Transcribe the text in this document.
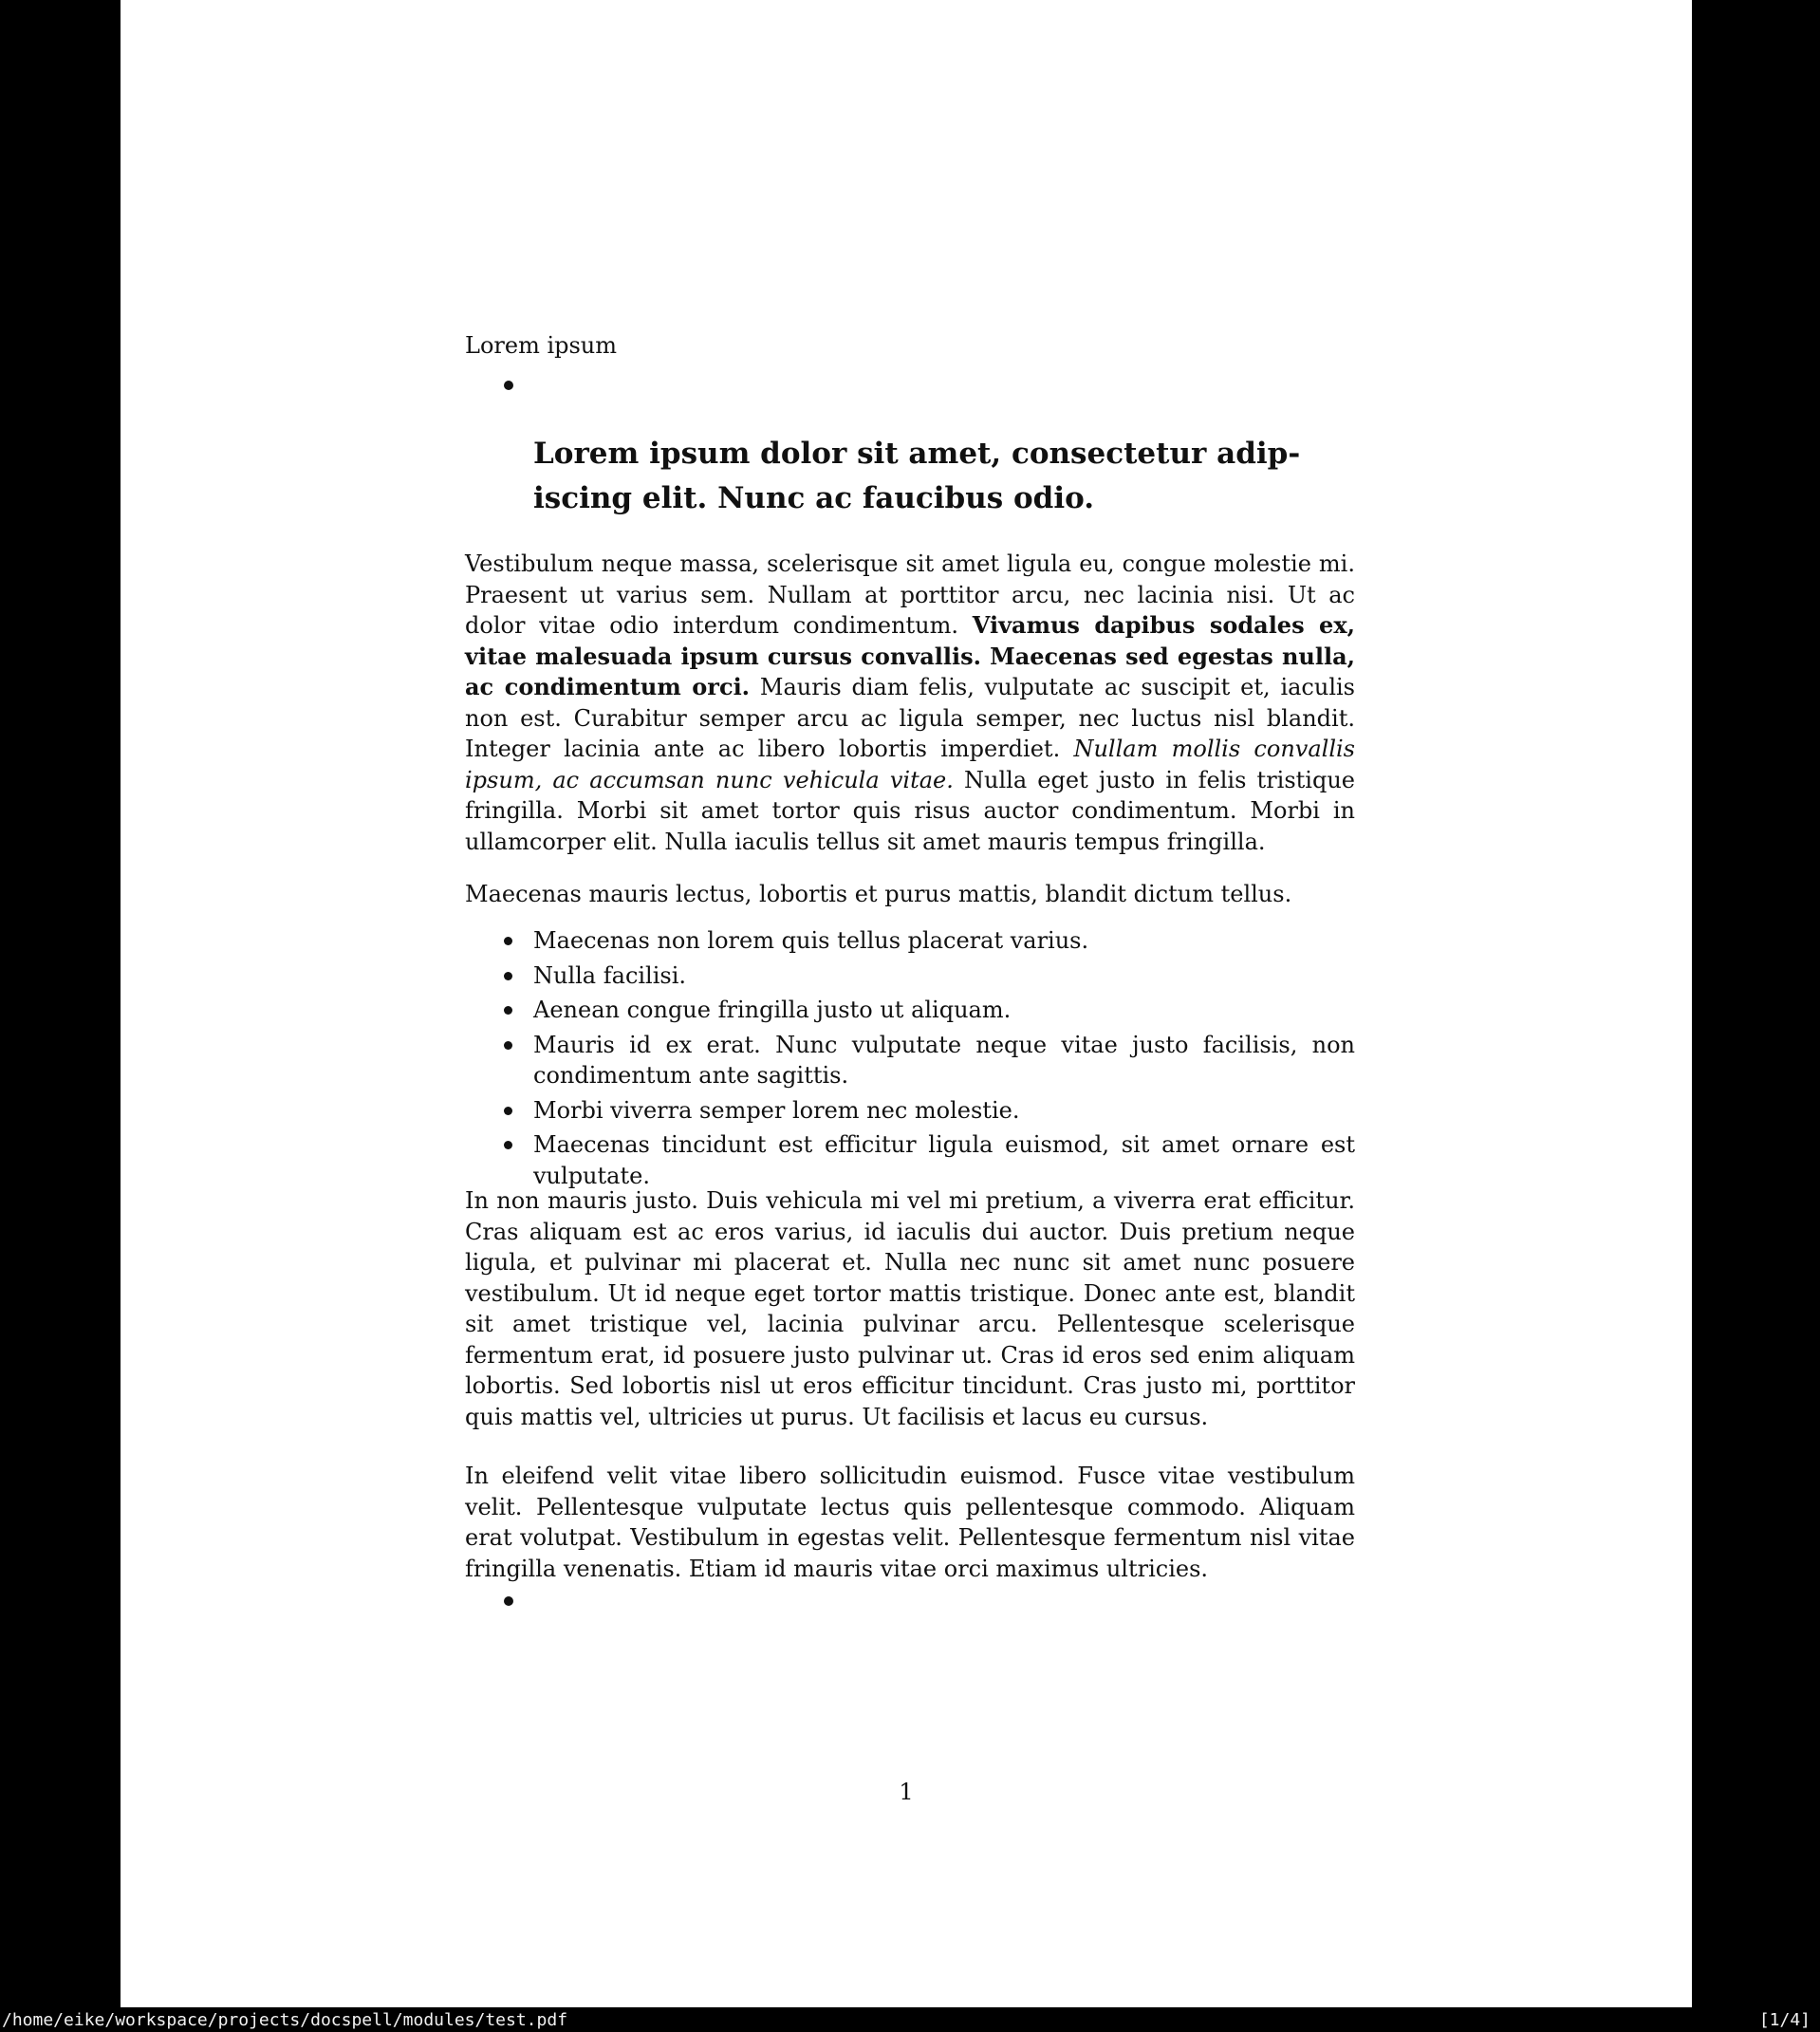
Lorem ipsum
Lorem ipsum dolor sit amet, consectetur adip-
iscing elit. Nunc ac faucibus odio.
Vestibulum neque massa, scelerisque sit amet ligula eu, congue molestie mi. Praesent ut varius sem. Nullam at porttitor arcu, nec lacinia nisi. Ut ac dolor vitae odio interdum condimentum. Vivamus dapibus sodales ex, vitae malesuada ipsum cursus convallis. Maecenas sed egestas nulla, ac condimentum orci. Mauris diam felis, vulputate ac suscipit et, iaculis non est. Curabitur semper arcu ac ligula semper, nec luctus nisl blandit. Integer lacinia ante ac libero lobortis imperdiet. Nullam mollis convallis ipsum, ac accumsan nunc vehicula vitae. Nulla eget justo in felis tristique fringilla. Morbi sit amet tortor quis risus auctor condimentum. Morbi in ullamcorper elit. Nulla iaculis tellus sit amet mauris tempus fringilla.
Maecenas mauris lectus, lobortis et purus mattis, blandit dictum tellus.
Maecenas non lorem quis tellus placerat varius.
Nulla facilisi.
Aenean congue fringilla justo ut aliquam.
Mauris id ex erat. Nunc vulputate neque vitae justo facilisis, non condimentum ante sagittis.
Morbi viverra semper lorem nec molestie.
Maecenas tincidunt est efficitur ligula euismod, sit amet ornare est vulputate.
In non mauris justo. Duis vehicula mi vel mi pretium, a viverra erat efficitur. Cras aliquam est ac eros varius, id iaculis dui auctor. Duis pretium neque ligula, et pulvinar mi placerat et. Nulla nec nunc sit amet nunc posuere vestibulum. Ut id neque eget tortor mattis tristique. Donec ante est, blandit sit amet tristique vel, lacinia pulvinar arcu. Pellentesque scelerisque fermentum erat, id posuere justo pulvinar ut. Cras id eros sed enim aliquam lobortis. Sed lobortis nisl ut eros efficitur tincidunt. Cras justo mi, porttitor quis mattis vel, ultricies ut purus. Ut facilisis et lacus eu cursus.
In eleifend velit vitae libero sollicitudin euismod. Fusce vitae vestibulum velit. Pellentesque vulputate lectus quis pellentesque commodo. Aliquam erat volutpat. Vestibulum in egestas velit. Pellentesque fermentum nisl vitae fringilla venenatis. Etiam id mauris vitae orci maximus ultricies.
1
/home/eike/workspace/projects/docspell/modules/test.pdf	[1/4]
